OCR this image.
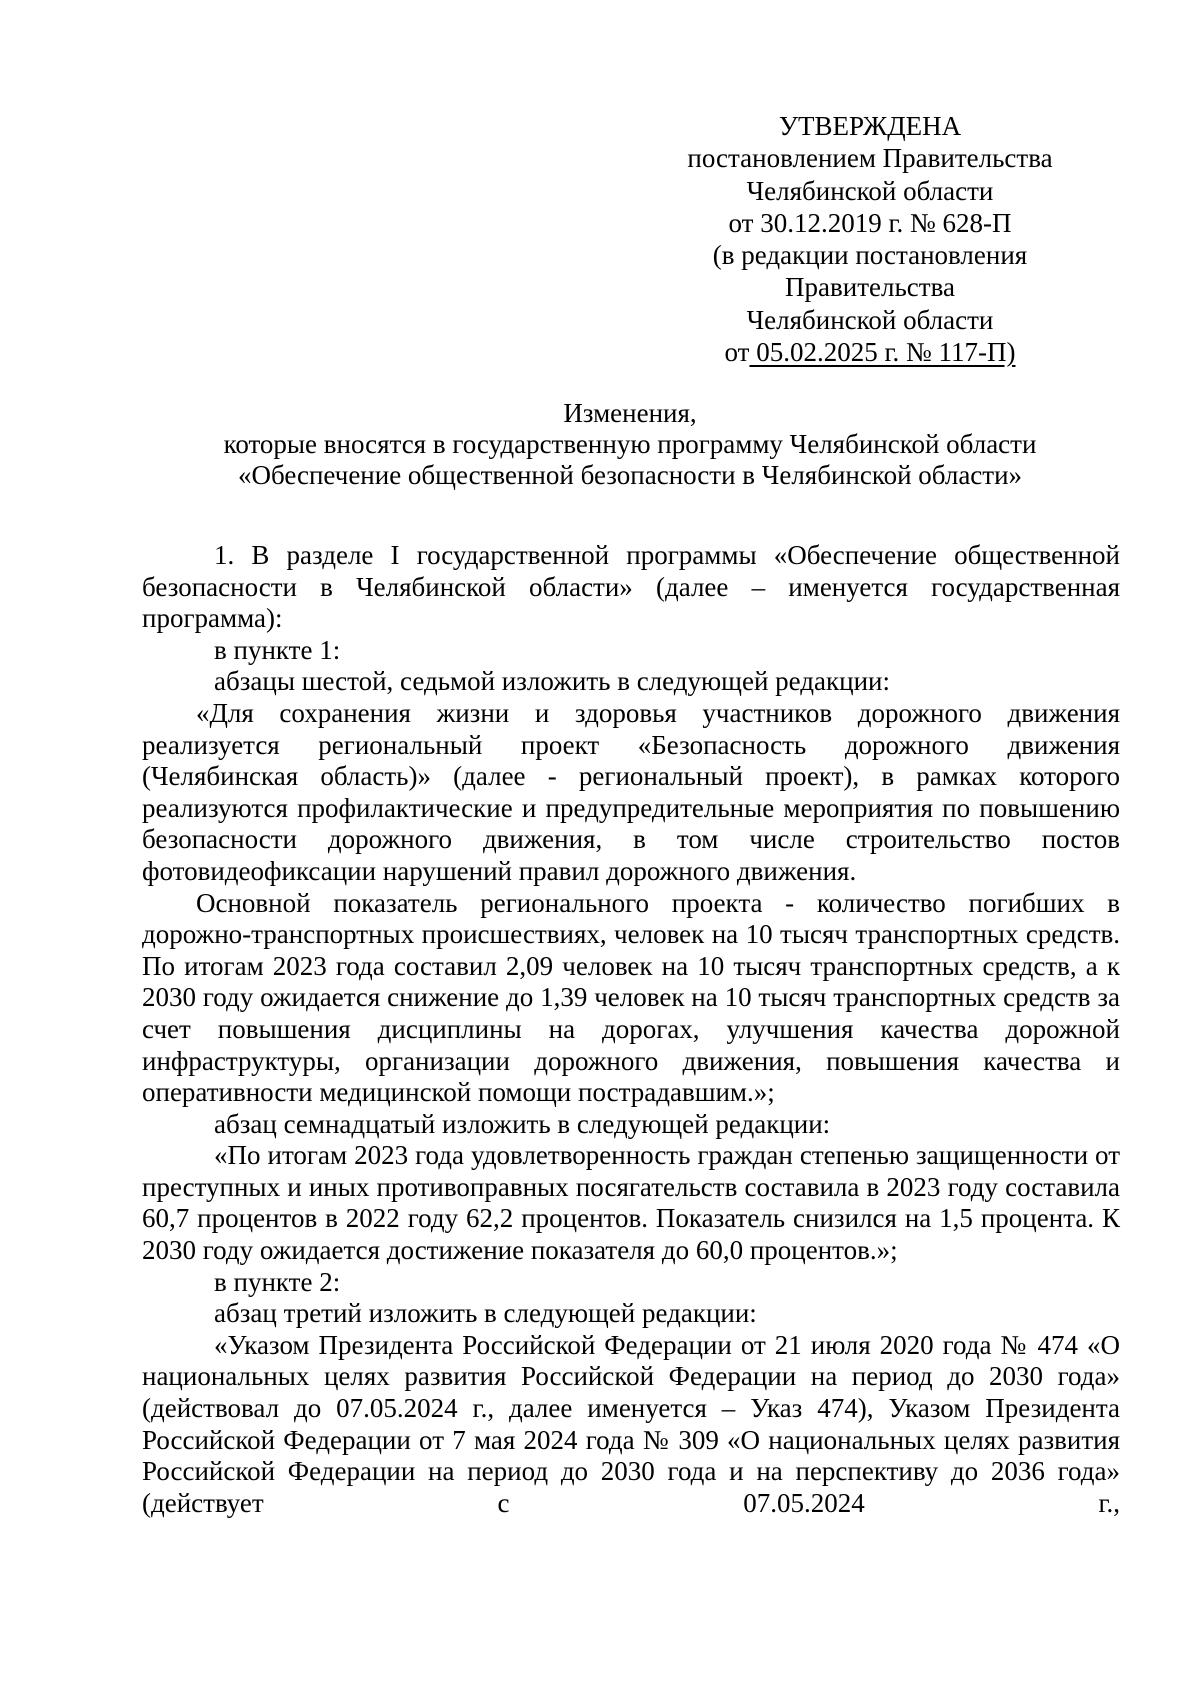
УТВЕРЖДЕНА
постановлением Правительства
Челябинской области
от 30.12.2019 г. № 628-П
(в редакции постановления
Правительства
Челябинской области
от 05.02.2025 г. № 117-П)
Изменения,
которые вносятся в государственную программу Челябинской области
«Обеспечение общественной безопасности в Челябинской области»

1. В разделе I государственной программы «Обеспечение общественной безопасности в Челябинской области» (далее – именуется государственная программа):

в пункте 1:

абзацы шестой, седьмой изложить в следующей редакции:

«Для сохранения жизни и здоровья участников дорожного движения реализуется региональный проект «Безопасность дорожного движения (Челябинская область)» (далее - региональный проект), в рамках которого реализуются профилактические и предупредительные мероприятия по повышению безопасности дорожного движения, в том числе строительство постов фотовидеофиксации нарушений правил дорожного движения.

Основной показатель регионального проекта - количество погибших в дорожно-транспортных происшествиях, человек на 10 тысяч транспортных средств. По итогам 2023 года составил 2,09 человек на 10 тысяч транспортных средств, а к 2030 году ожидается снижение до 1,39 человек на 10 тысяч транспортных средств за счет повышения дисциплины на дорогах, улучшения качества дорожной инфраструктуры, организации дорожного движения, повышения качества и оперативности медицинской помощи пострадавшим.»;

абзац семнадцатый изложить в следующей редакции:

«По итогам 2023 года удовлетворенность граждан степенью защищенности от преступных и иных противоправных посягательств составила в 2023 году составила 60,7 процентов в 2022 году 62,2 процентов. Показатель снизился на 1,5 процента. К 2030 году ожидается достижение показателя до 60,0 процентов.»;

в пункте 2:

абзац третий изложить в следующей редакции:

«Указом Президента Российской Федерации от 21 июля 2020 года № 474 «О национальных целях развития Российской Федерации на период до 2030 года» (действовал до 07.05.2024 г., далее именуется – Указ 474), Указом Президента Российской Федерации от 7 мая 2024 года № 309 «О национальных целях развития Российской Федерации на период до 2030 года и на перспективу до 2036 года» (действует с 07.05.2024 г.,
